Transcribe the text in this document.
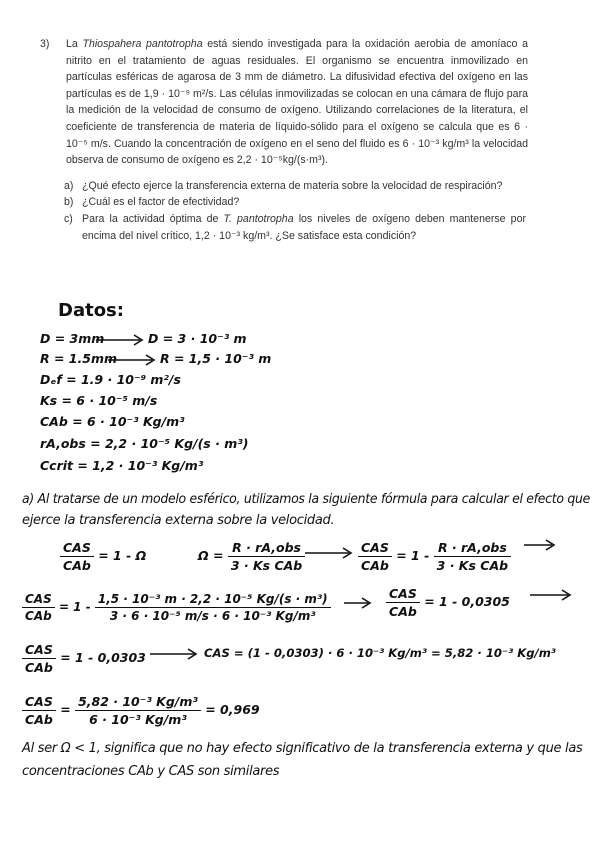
3) La Thiospahera pantotropha está siendo investigada para la oxidación aerobia de amoníaco a nitrito en el tratamiento de aguas residuales. El organismo se encuentra inmovilizado en partículas esféricas de agarosa de 3 mm de diámetro. La difusividad efectiva del oxígeno en las partículas es de 1,9 · 10⁻⁹ m²/s. Las células inmovilizadas se colocan en una cámara de flujo para la medición de la velocidad de consumo de oxígeno. Utilizando correlaciones de la literatura, el coeficiente de transferencia de materia de líquido-sólido para el oxígeno se calcula que es 6 · 10⁻⁵ m/s. Cuando la concentración de oxígeno en el seno del fluido es 6 · 10⁻³ kg/m³ la velocidad observa de consumo de oxígeno es 2,2 · 10⁻⁵kg/(s·m³).
a) ¿Qué efecto ejerce la transferencia externa de materia sobre la velocidad de respiración?
b) ¿Cuál es el factor de efectividad?
c) Para la actividad óptima de T. pantotropha los niveles de oxígeno deben mantenerse por encima del nivel crítico, 1,2 · 10⁻³ kg/m³. ¿Se satisface esta condición?
Datos:
D = 3mm	D = 3 · 10⁻³ m
R = 1.5mm	R = 1,5 · 10⁻³ m
Dₑf = 1.9 · 10⁻⁹ m²/s
Ks = 6 · 10⁻⁵ m/s
CAb = 6 · 10⁻³ Kg/m³
rA,obs = 2,2 · 10⁻⁵ Kg/(s · m³)
Ccrit = 1,2 · 10⁻³ Kg/m³
a) Al tratarse de un modelo esférico, utilizamos la siguiente fórmula para calcular el efecto que
ejerce la transferencia externa sobre la velocidad.
$\frac{\text{CAS}}{\text{CAb}} = 1 - \Omega$	$\Omega = \frac{\text{R · rA,obs}}{\text{3 · Ks CAb}}$	$\frac{\text{CAS}}{\text{CAb}} = 1 - \frac{\text{R · rA,obs}}{\text{3 · Ks CAb}}$
$\frac{\text{CAS}}{\text{CAb}} = 1 - \frac{\text{1,5 · 10⁻³ m · 2,2 · 10⁻⁵ Kg/(s · m³)}}{\text{3 · 6 · 10⁻⁵ m/s · 6 · 10⁻³ Kg/m³}}$	$\frac{\text{CAS}}{\text{CAb}} = 1 - 0,0305$
$\frac{\text{CAS}}{\text{CAb}} = 1 - 0,0303$	CAS = (1 - 0,0303) · 6 · 10⁻³ Kg/m³ = 5,82 · 10⁻³ Kg/m³
$\frac{\text{CAS}}{\text{CAb}} = \frac{\text{5,82 · 10⁻³ Kg/m³}}{\text{6 · 10⁻³ Kg/m³}} = 0,969$
Al ser Ω < 1, significa que no hay efecto significativo de la transferencia externa y que las
concentraciones CAb y CAS son similares
